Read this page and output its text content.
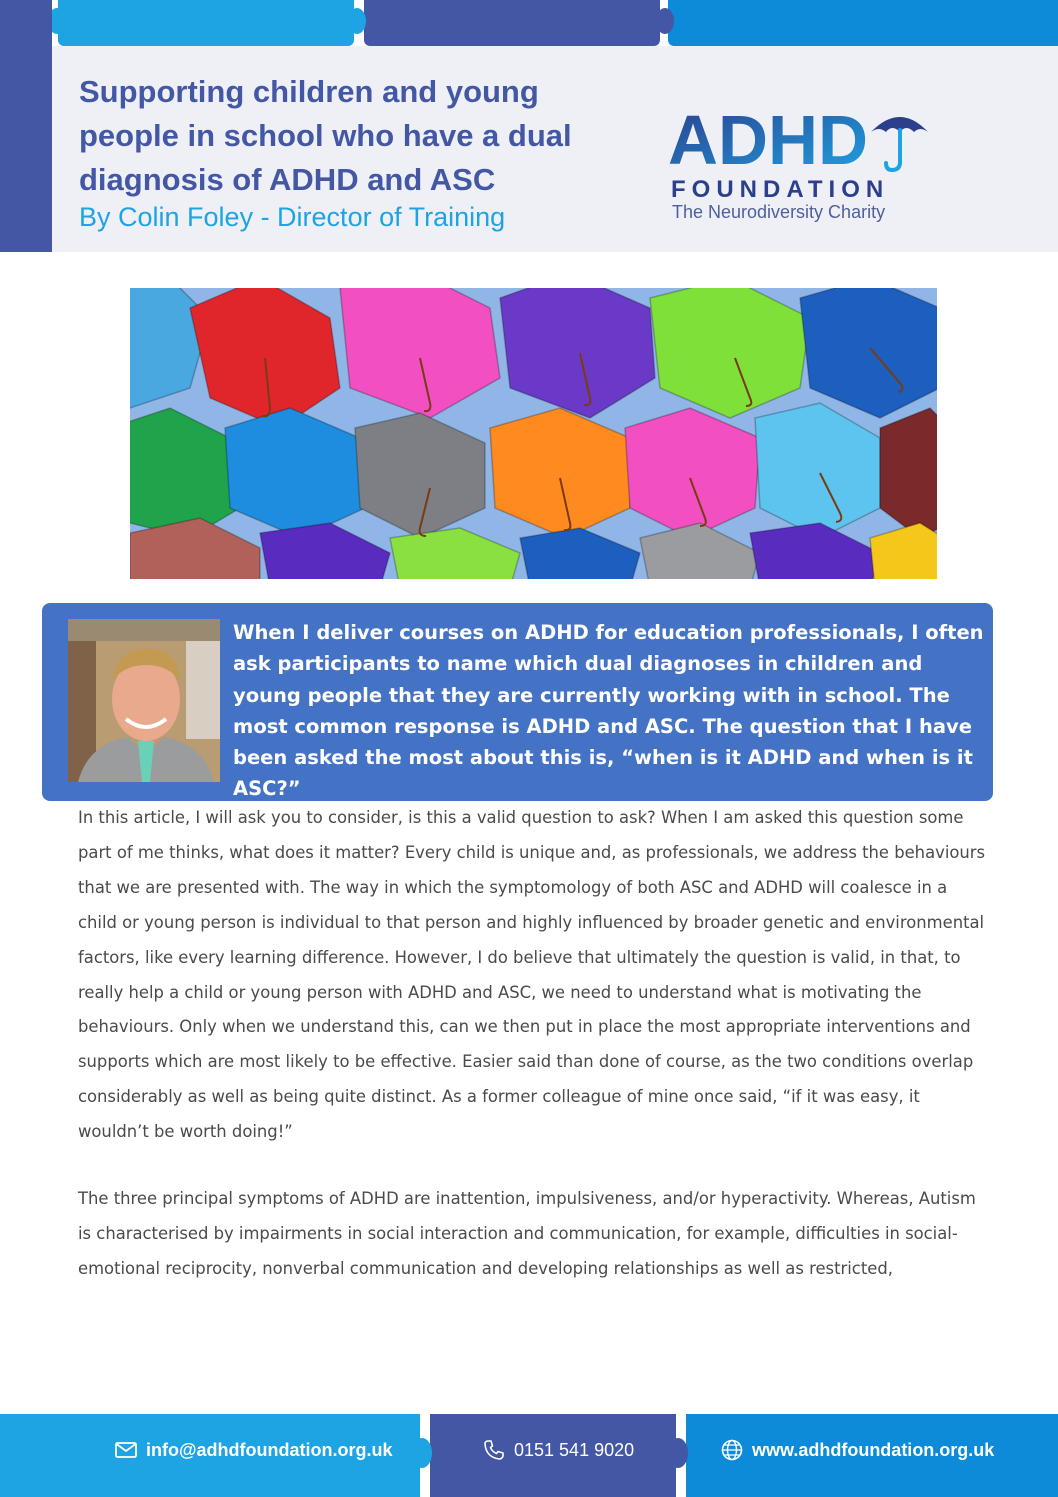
Supporting children and young people in school who have a dual diagnosis of ADHD and ASC

By Colin Foley - Director of Training

ADHD

FOUNDATION

The Neurodiversity Charity

When I deliver courses on ADHD for education professionals, I often ask participants to name which dual diagnoses in children and young people that they are currently working with in school. The most common response is ADHD and ASC. The question that I have been asked the most about this is, “when is it ADHD and when is it ASC?”

In this article, I will ask you to consider, is this a valid question to ask? When I am asked this question some part of me thinks, what does it matter? Every child is unique and, as professionals, we address the behaviours that we are presented with. The way in which the symptomology of both ASC and ADHD will coalesce in a child or young person is individual to that person and highly influenced by broader genetic and environmental factors, like every learning difference. However, I do believe that ultimately the question is valid, in that, to really help a child or young person with ADHD and ASC, we need to understand what is motivating the behaviours. Only when we understand this, can we then put in place the most appropriate interventions and supports which are most likely to be effective. Easier said than done of course, as the two conditions overlap considerably as well as being quite distinct. As a former colleague of mine once said, “if it was easy, it wouldn’t be worth doing!”

The three principal symptoms of ADHD are inattention, impulsiveness, and/or hyperactivity. Whereas, Autism is characterised by impairments in social interaction and communication, for example, difficulties in social-emotional reciprocity, nonverbal communication and developing relationships as well as restricted,

info@adhdfoundation.org.uk	0151 541 9020	www.adhdfoundation.org.uk
